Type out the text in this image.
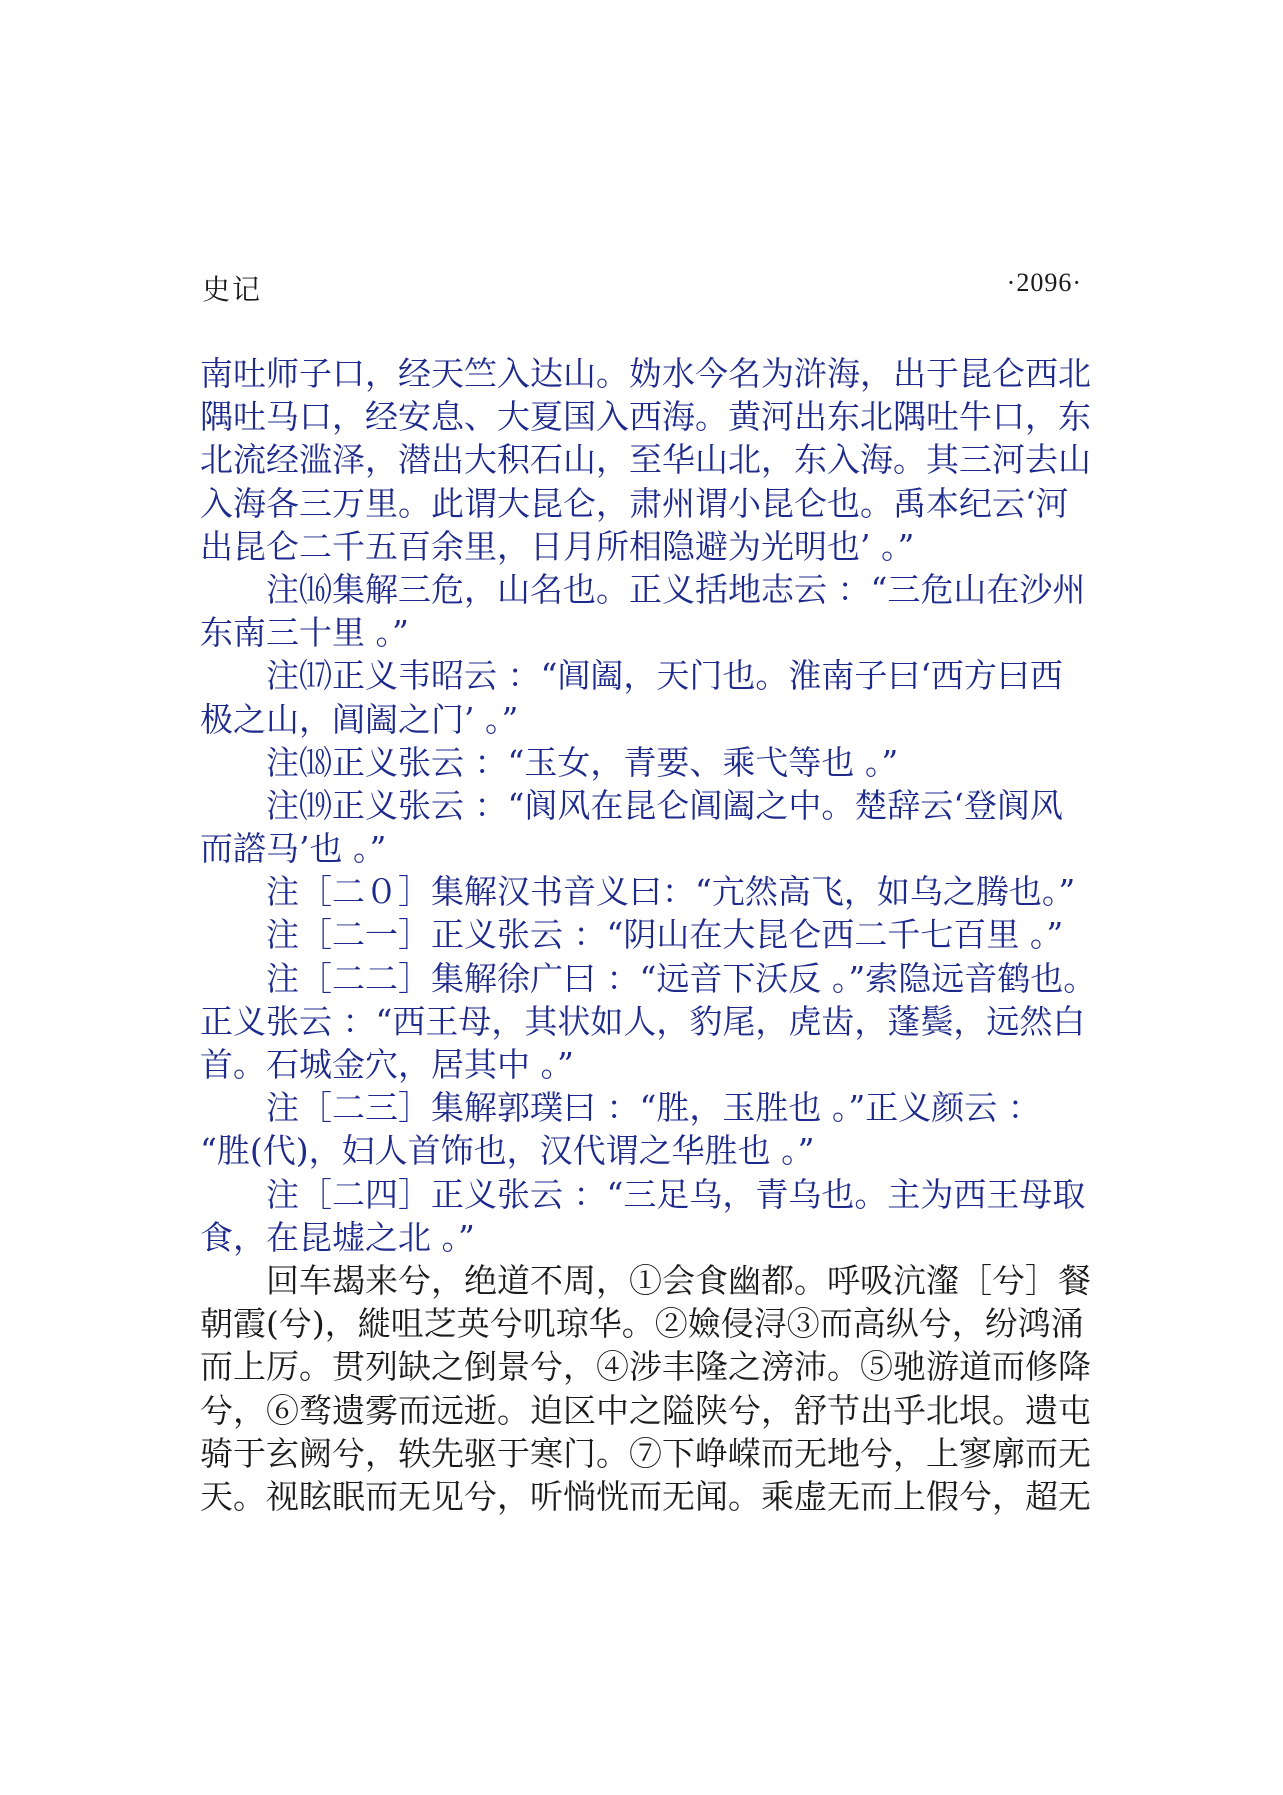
史记	·2096·
南吐师子口，经天竺入达山。妫水今名为浒海，出于昆仑西北
隅吐马口，经安息、大夏国入西海。黄河出东北隅吐牛口，东
北流经滥泽，潜出大积石山，至华山北，东入海。其三河去山
入海各三万里。此谓大昆仑，肃州谓小昆仑也。禹本纪云‘河
出昆仑二千五百余里，日月所相隐避为光明也’ 。”
　　注⒃集解三危，山名也。正义括地志云 ：“三危山在沙州
东南三十里 。”
　　注⒄正义韦昭云 ：“阊阖，天门也。淮南子曰‘西方曰西
极之山，阊阖之门’ 。”
　　注⒅正义张云 ：“玉女，青要、乘弋等也 。”
　　注⒆正义张云 ：“阆风在昆仑阊阖之中。楚辞云‘登阆风
而譗马’也 。”
　　注［二０］集解汉书音义曰：“亢然高飞，如乌之腾也。”
　　注［二一］正义张云 ：“阴山在大昆仑西二千七百里 。”
　　注［二二］集解徐广曰 ：“远音下沃反 。”索隐远音鹤也。
正义张云 ：“西王母，其状如人，豹尾，虎齿，蓬鬓，远然白
首。石城金穴，居其中 。”
　　注［二三］集解郭璞曰 ：“胜，玉胜也 。”正义颜云 ：
“胜(代)，妇人首饰也，汉代谓之华胜也 。”
　　注［二四］正义张云 ：“三足乌，青乌也。主为西王母取
食，在昆墟之北 。”
　　回车朅来兮，绝道不周，①会食幽都。呼吸沆瀣［兮］餐
朝霞(兮)，縰咀芝英兮叽琼华。②嬐侵浔③而高纵兮，纷鸿涌
而上厉。贯列缺之倒景兮，④涉丰隆之滂沛。⑤驰游道而修降
兮，⑥骛遗雾而远逝。迫区中之隘陕兮，舒节出乎北垠。遗屯
骑于玄阙兮，轶先驱于寒门。⑦下峥嵘而无地兮，上寥廓而无
天。视眩眠而无见兮，听惝恍而无闻。乘虚无而上假兮，超无
